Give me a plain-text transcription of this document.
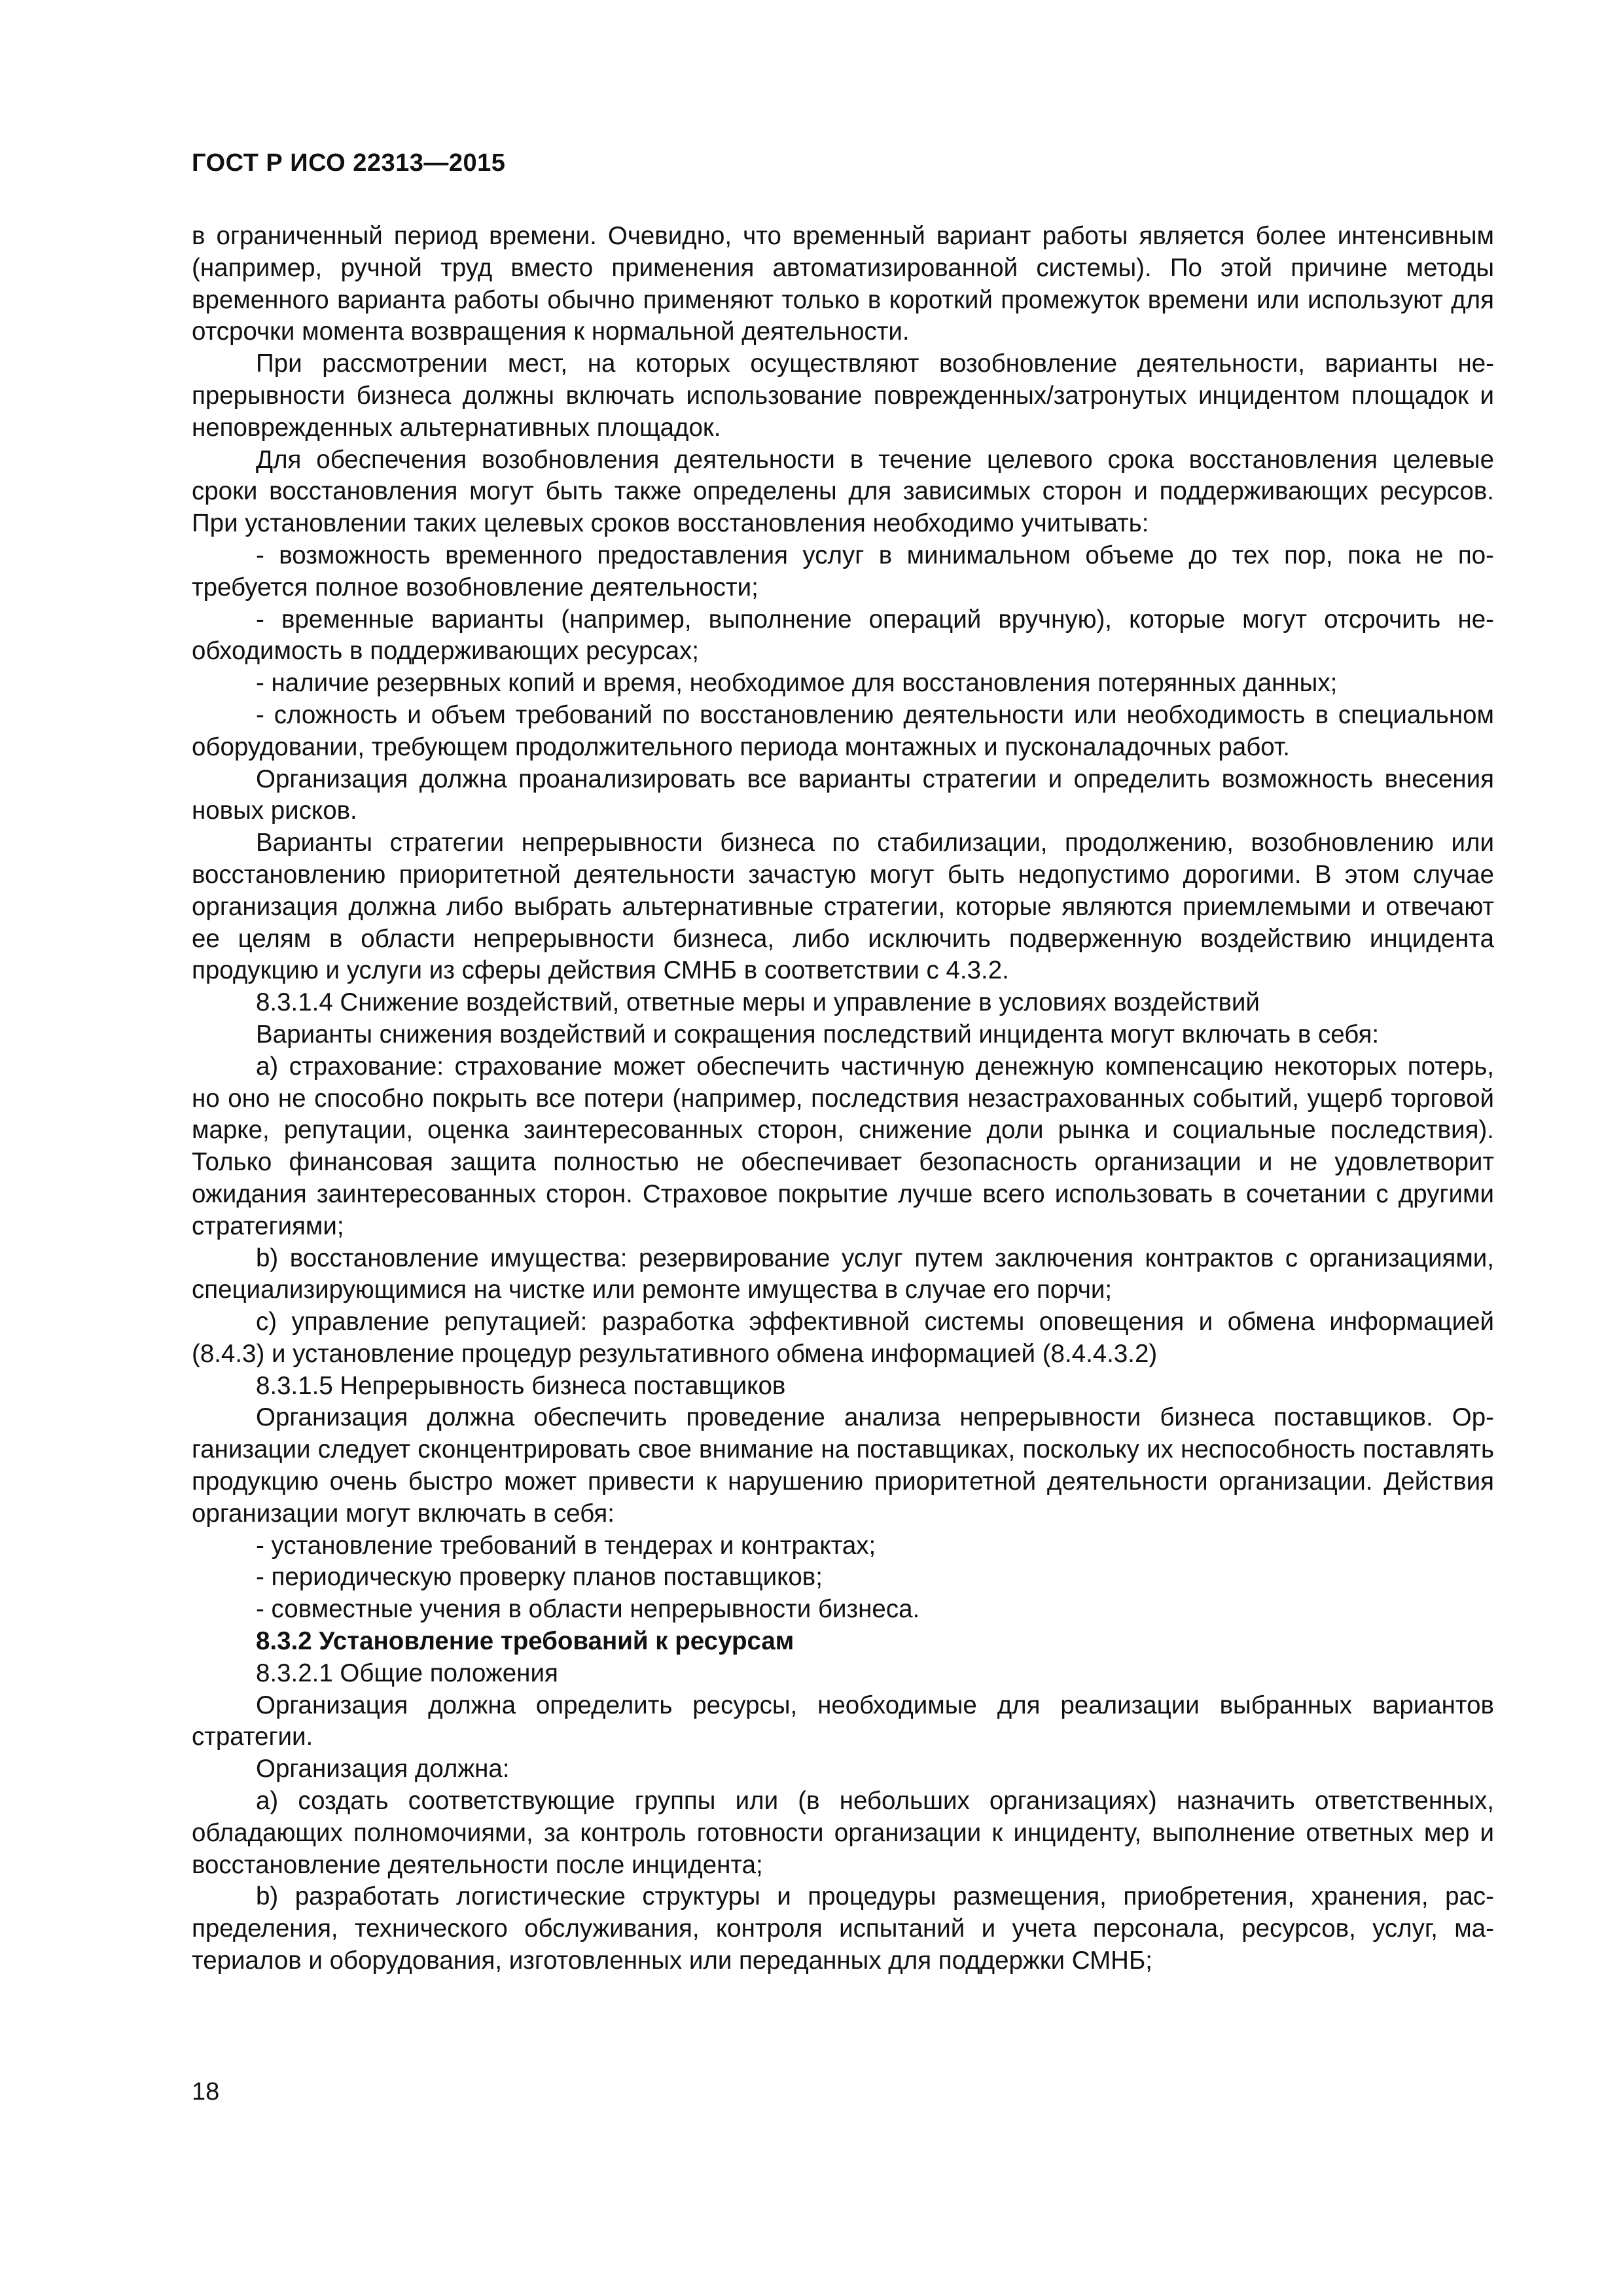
ГОСТ Р ИСО 22313—2015

в ограниченный период времени. Очевидно, что временный вариант работы является более интенсивным (например, ручной труд вместо применения автоматизированной системы). По этой причине методы временного варианта работы обычно применяют только в короткий промежуток времени или используют для отсрочки момента возвращения к нормальной деятельности.

При рассмотрении мест, на которых осуществляют возобновление деятельности, варианты непрерывности бизнеса должны включать использование поврежденных/затронутых инцидентом площадок и неповрежденных альтернативных площадок.

Для обеспечения возобновления деятельности в течение целевого срока восстановления целевые сроки восстановления могут быть также определены для зависимых сторон и поддерживающих ресурсов. При установлении таких целевых сроков восстановления необходимо учитывать:

- возможность временного предоставления услуг в минимальном объеме до тех пор, пока не потребуется полное возобновление деятельности;

- временные варианты (например, выполнение операций вручную), которые могут отсрочить необходимость в поддерживающих ресурсах;

- наличие резервных копий и время, необходимое для восстановления потерянных данных;

- сложность и объем требований по восстановлению деятельности или необходимость в специальном оборудовании, требующем продолжительного периода монтажных и пусконаладочных работ.

Организация должна проанализировать все варианты стратегии и определить возможность внесения новых рисков.

Варианты стратегии непрерывности бизнеса по стабилизации, продолжению, возобновлению или восстановлению приоритетной деятельности зачастую могут быть недопустимо дорогими. В этом случае организация должна либо выбрать альтернативные стратегии, которые являются приемлемыми и отвечают ее целям в области непрерывности бизнеса, либо исключить подверженную воздействию инцидента продукцию и услуги из сферы действия СМНБ в соответствии с 4.3.2.

8.3.1.4 Снижение воздействий, ответные меры и управление в условиях воздействий

Варианты снижения воздействий и сокращения последствий инцидента могут включать в себя:

а) страхование: страхование может обеспечить частичную денежную компенсацию некоторых потерь, но оно не способно покрыть все потери (например, последствия незастрахованных событий, ущерб торговой марке, репутации, оценка заинтересованных сторон, снижение доли рынка и социальные последствия). Только финансовая защита полностью не обеспечивает безопасность организации и не удовлетворит ожидания заинтересованных сторон. Страховое покрытие лучше всего использовать в сочетании с другими стратегиями;

b) восстановление имущества: резервирование услуг путем заключения контрактов с организациями, специализирующимися на чистке или ремонте имущества в случае его порчи;

c) управление репутацией: разработка эффективной системы оповещения и обмена информацией (8.4.3) и установление процедур результативного обмена информацией (8.4.4.3.2)

8.3.1.5 Непрерывность бизнеса поставщиков

Организация должна обеспечить проведение анализа непрерывности бизнеса поставщиков. Организации следует сконцентрировать свое внимание на поставщиках, поскольку их неспособность поставлять продукцию очень быстро может привести к нарушению приоритетной деятельности организации. Действия организации могут включать в себя:

- установление требований в тендерах и контрактах;

- периодическую проверку планов поставщиков;

- совместные учения в области непрерывности бизнеса.

8.3.2 Установление требований к ресурсам

8.3.2.1 Общие положения

Организация должна определить ресурсы, необходимые для реализации выбранных вариантов стратегии.

Организация должна:

а) создать соответствующие группы или (в небольших организациях) назначить ответственных, обладающих полномочиями, за контроль готовности организации к инциденту, выполнение ответных мер и восстановление деятельности после инцидента;

b) разработать логистические структуры и процедуры размещения, приобретения, хранения, распределения, технического обслуживания, контроля испытаний и учета персонала, ресурсов, услуг, материалов и оборудования, изготовленных или переданных для поддержки СМНБ;

18
